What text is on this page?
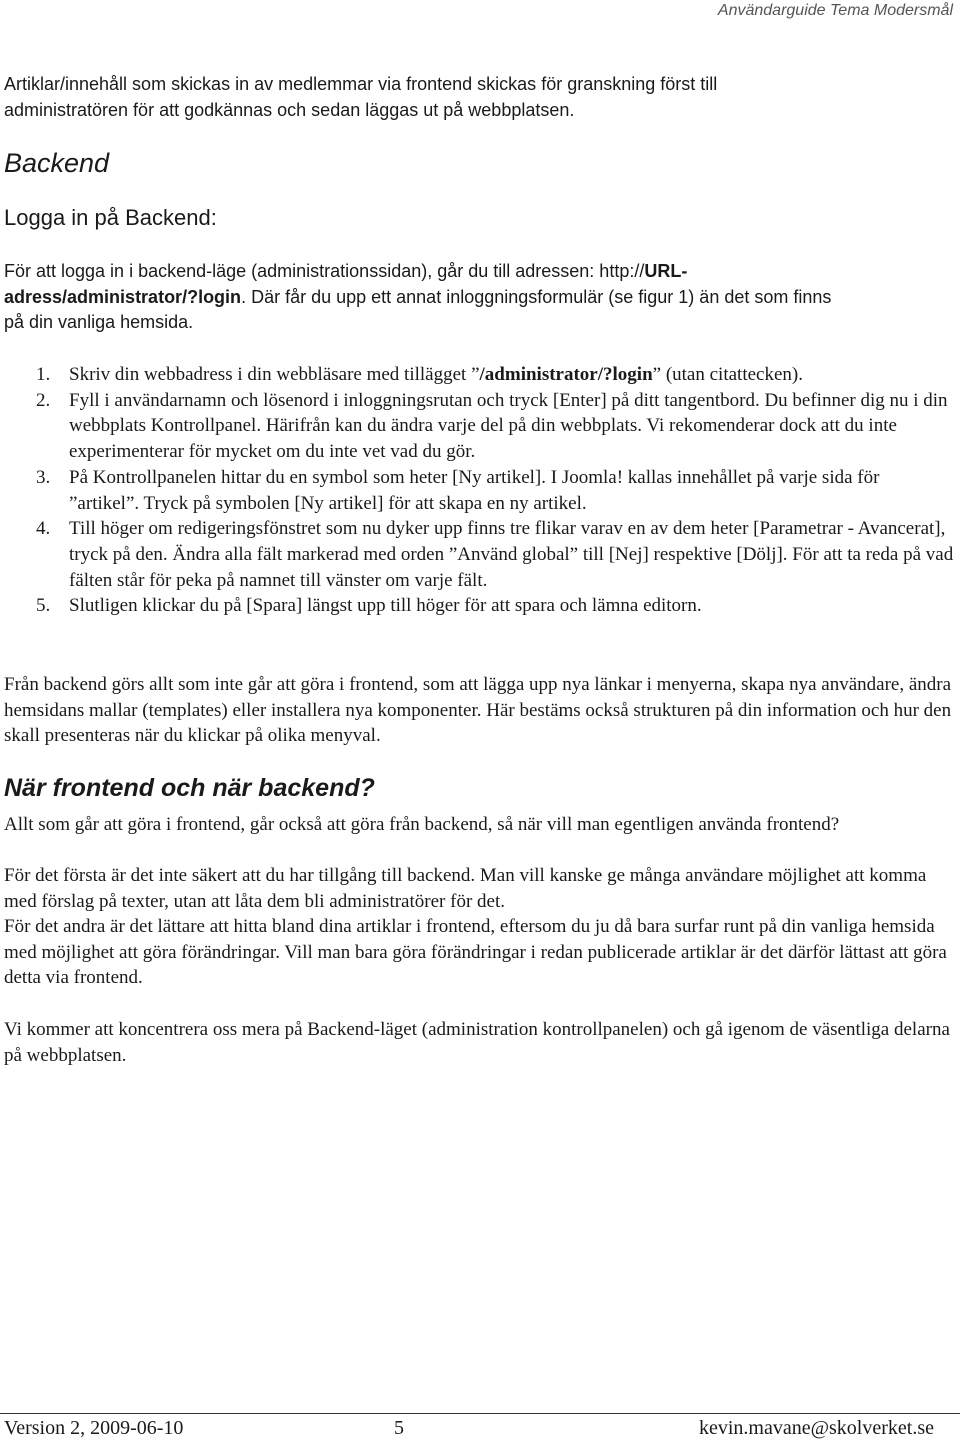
Användarguide Tema Modersmål

Artiklar/innehåll som skickas in av medlemmar via frontend skickas för granskning först till
administratören för att godkännas och sedan läggas ut på webbplatsen.

Backend
Logga in på Backend:

För att logga in i backend-läge (administrationssidan), går du till adressen: http://URL-
adress/administrator/?login. Där får du upp ett annat inloggningsformulär (se figur 1) än det som finns
på din vanliga hemsida.

1. Skriv din webbadress i din webbläsare med tillägget ”/administrator/?login” (utan citattecken).
2. Fyll i användarnamn och lösenord i inloggningsrutan och tryck [Enter] på ditt tangentbord. Du befinner dig nu i din webbplats Kontrollpanel. Härifrån kan du ändra varje del på din webbplats. Vi rekomenderar dock att du inte experimenterar för mycket om du inte vet vad du gör.
3. På Kontrollpanelen hittar du en symbol som heter [Ny artikel]. I Joomla! kallas innehållet på varje sida för ”artikel”. Tryck på symbolen [Ny artikel] för att skapa en ny artikel.
4. Till höger om redigeringsfönstret som nu dyker upp finns tre flikar varav en av dem heter [Parametrar - Avancerat], tryck på den. Ändra alla fält markerad med orden ”Använd global” till [Nej] respektive [Dölj]. För att ta reda på vad fälten står för peka på namnet till vänster om varje fält.
5. Slutligen klickar du på [Spara] längst upp till höger för att spara och lämna editorn.

Från backend görs allt som inte går att göra i frontend, som att lägga upp nya länkar i menyerna, skapa nya användare, ändra hemsidans mallar (templates) eller installera nya komponenter. Här bestäms också strukturen på din information och hur den skall presenteras när du klickar på olika menyval.

När frontend och när backend?

Allt som går att göra i frontend, går också att göra från backend, så när vill man egentligen använda frontend?

För det första är det inte säkert att du har tillgång till backend. Man vill kanske ge många användare möjlighet att komma med förslag på texter, utan att låta dem bli administratörer för det.

För det andra är det lättare att hitta bland dina artiklar i frontend, eftersom du ju då bara surfar runt på din vanliga hemsida med möjlighet att göra förändringar. Vill man bara göra förändringar i redan publicerade artiklar är det därför lättast att göra detta via frontend.

Vi kommer att koncentrera oss mera på Backend-läget (administration kontrollpanelen) och gå igenom de väsentliga delarna på webbplatsen.

Version 2, 2009-06-10	5	kevin.mavane@skolverket.se
